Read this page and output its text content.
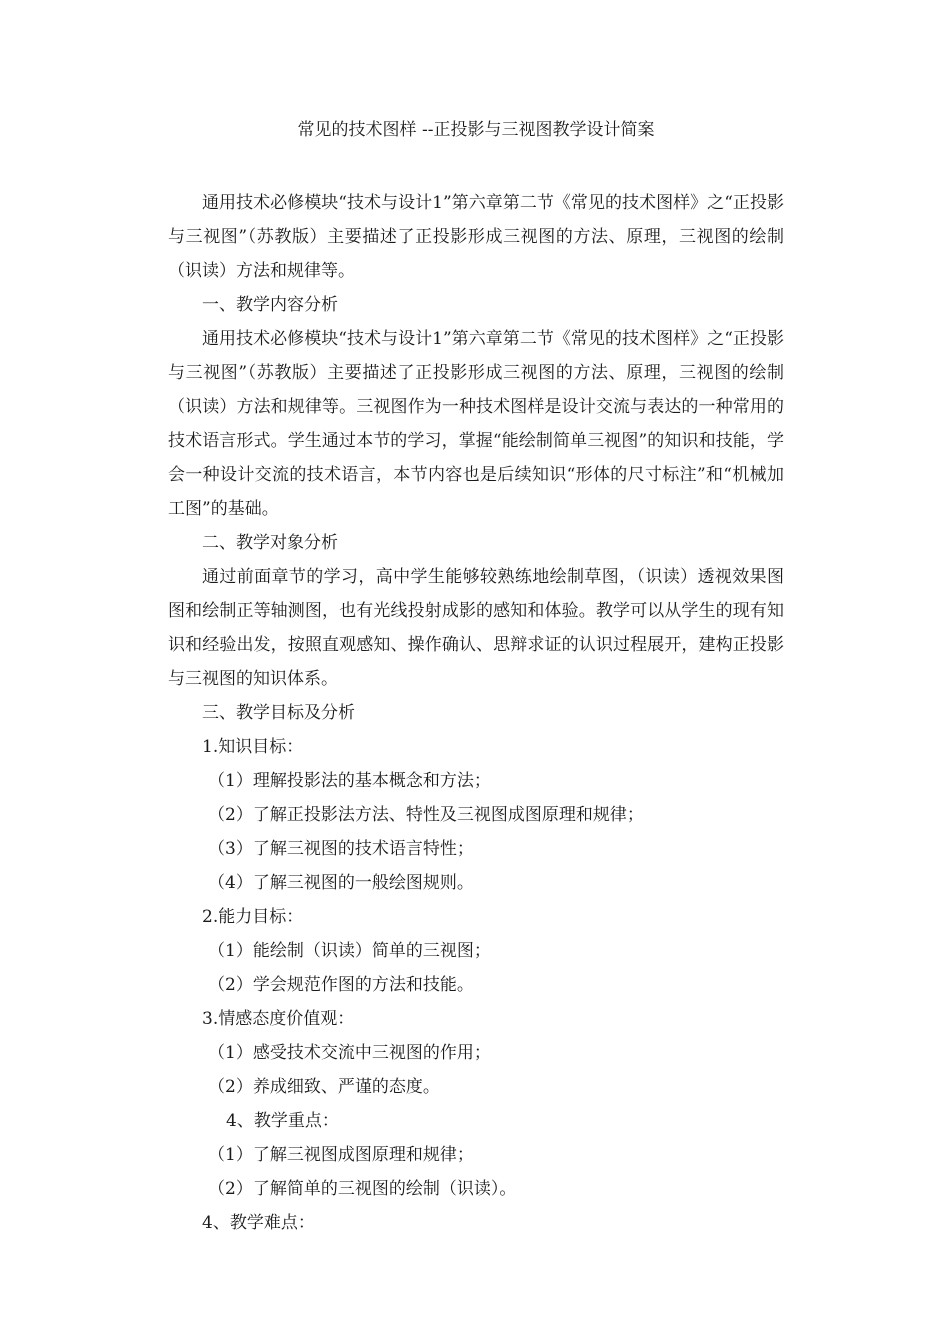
常见的技术图样 --正投影与三视图教学设计简案

通用技术必修模块“技术与设计1”第六章第二节《常见的技术图样》之“正投影与三视图”（苏教版）主要描述了正投影形成三视图的方法、原理，三视图的绘制（识读）方法和规律等。

一、教学内容分析

通用技术必修模块“技术与设计1”第六章第二节《常见的技术图样》之“正投影与三视图”（苏教版）主要描述了正投影形成三视图的方法、原理，三视图的绘制（识读）方法和规律等。三视图作为一种技术图样是设计交流与表达的一种常用的技术语言形式。学生通过本节的学习，掌握“能绘制简单三视图”的知识和技能，学会一种设计交流的技术语言，本节内容也是后续知识“形体的尺寸标注”和“机械加工图”的基础。

二、教学对象分析

通过前面章节的学习，高中学生能够较熟练地绘制草图，（识读）透视效果图图和绘制正等轴测图，也有光线投射成影的感知和体验。教学可以从学生的现有知识和经验出发，按照直观感知、操作确认、思辩求证的认识过程展开，建构正投影与三视图的知识体系。

三、教学目标及分析
1.知识目标：
（1）理解投影法的基本概念和方法；
（2）了解正投影法方法、特性及三视图成图原理和规律；
（3）了解三视图的技术语言特性；
（4）了解三视图的一般绘图规则。
2.能力目标：
（1）能绘制（识读）简单的三视图；
（2）学会规范作图的方法和技能。
3.情感态度价值观：
（1）感受技术交流中三视图的作用；
（2）养成细致、严谨的态度。
4、教学重点：
（1）了解三视图成图原理和规律；
（2）了解简单的三视图的绘制（识读）。
4、教学难点：
